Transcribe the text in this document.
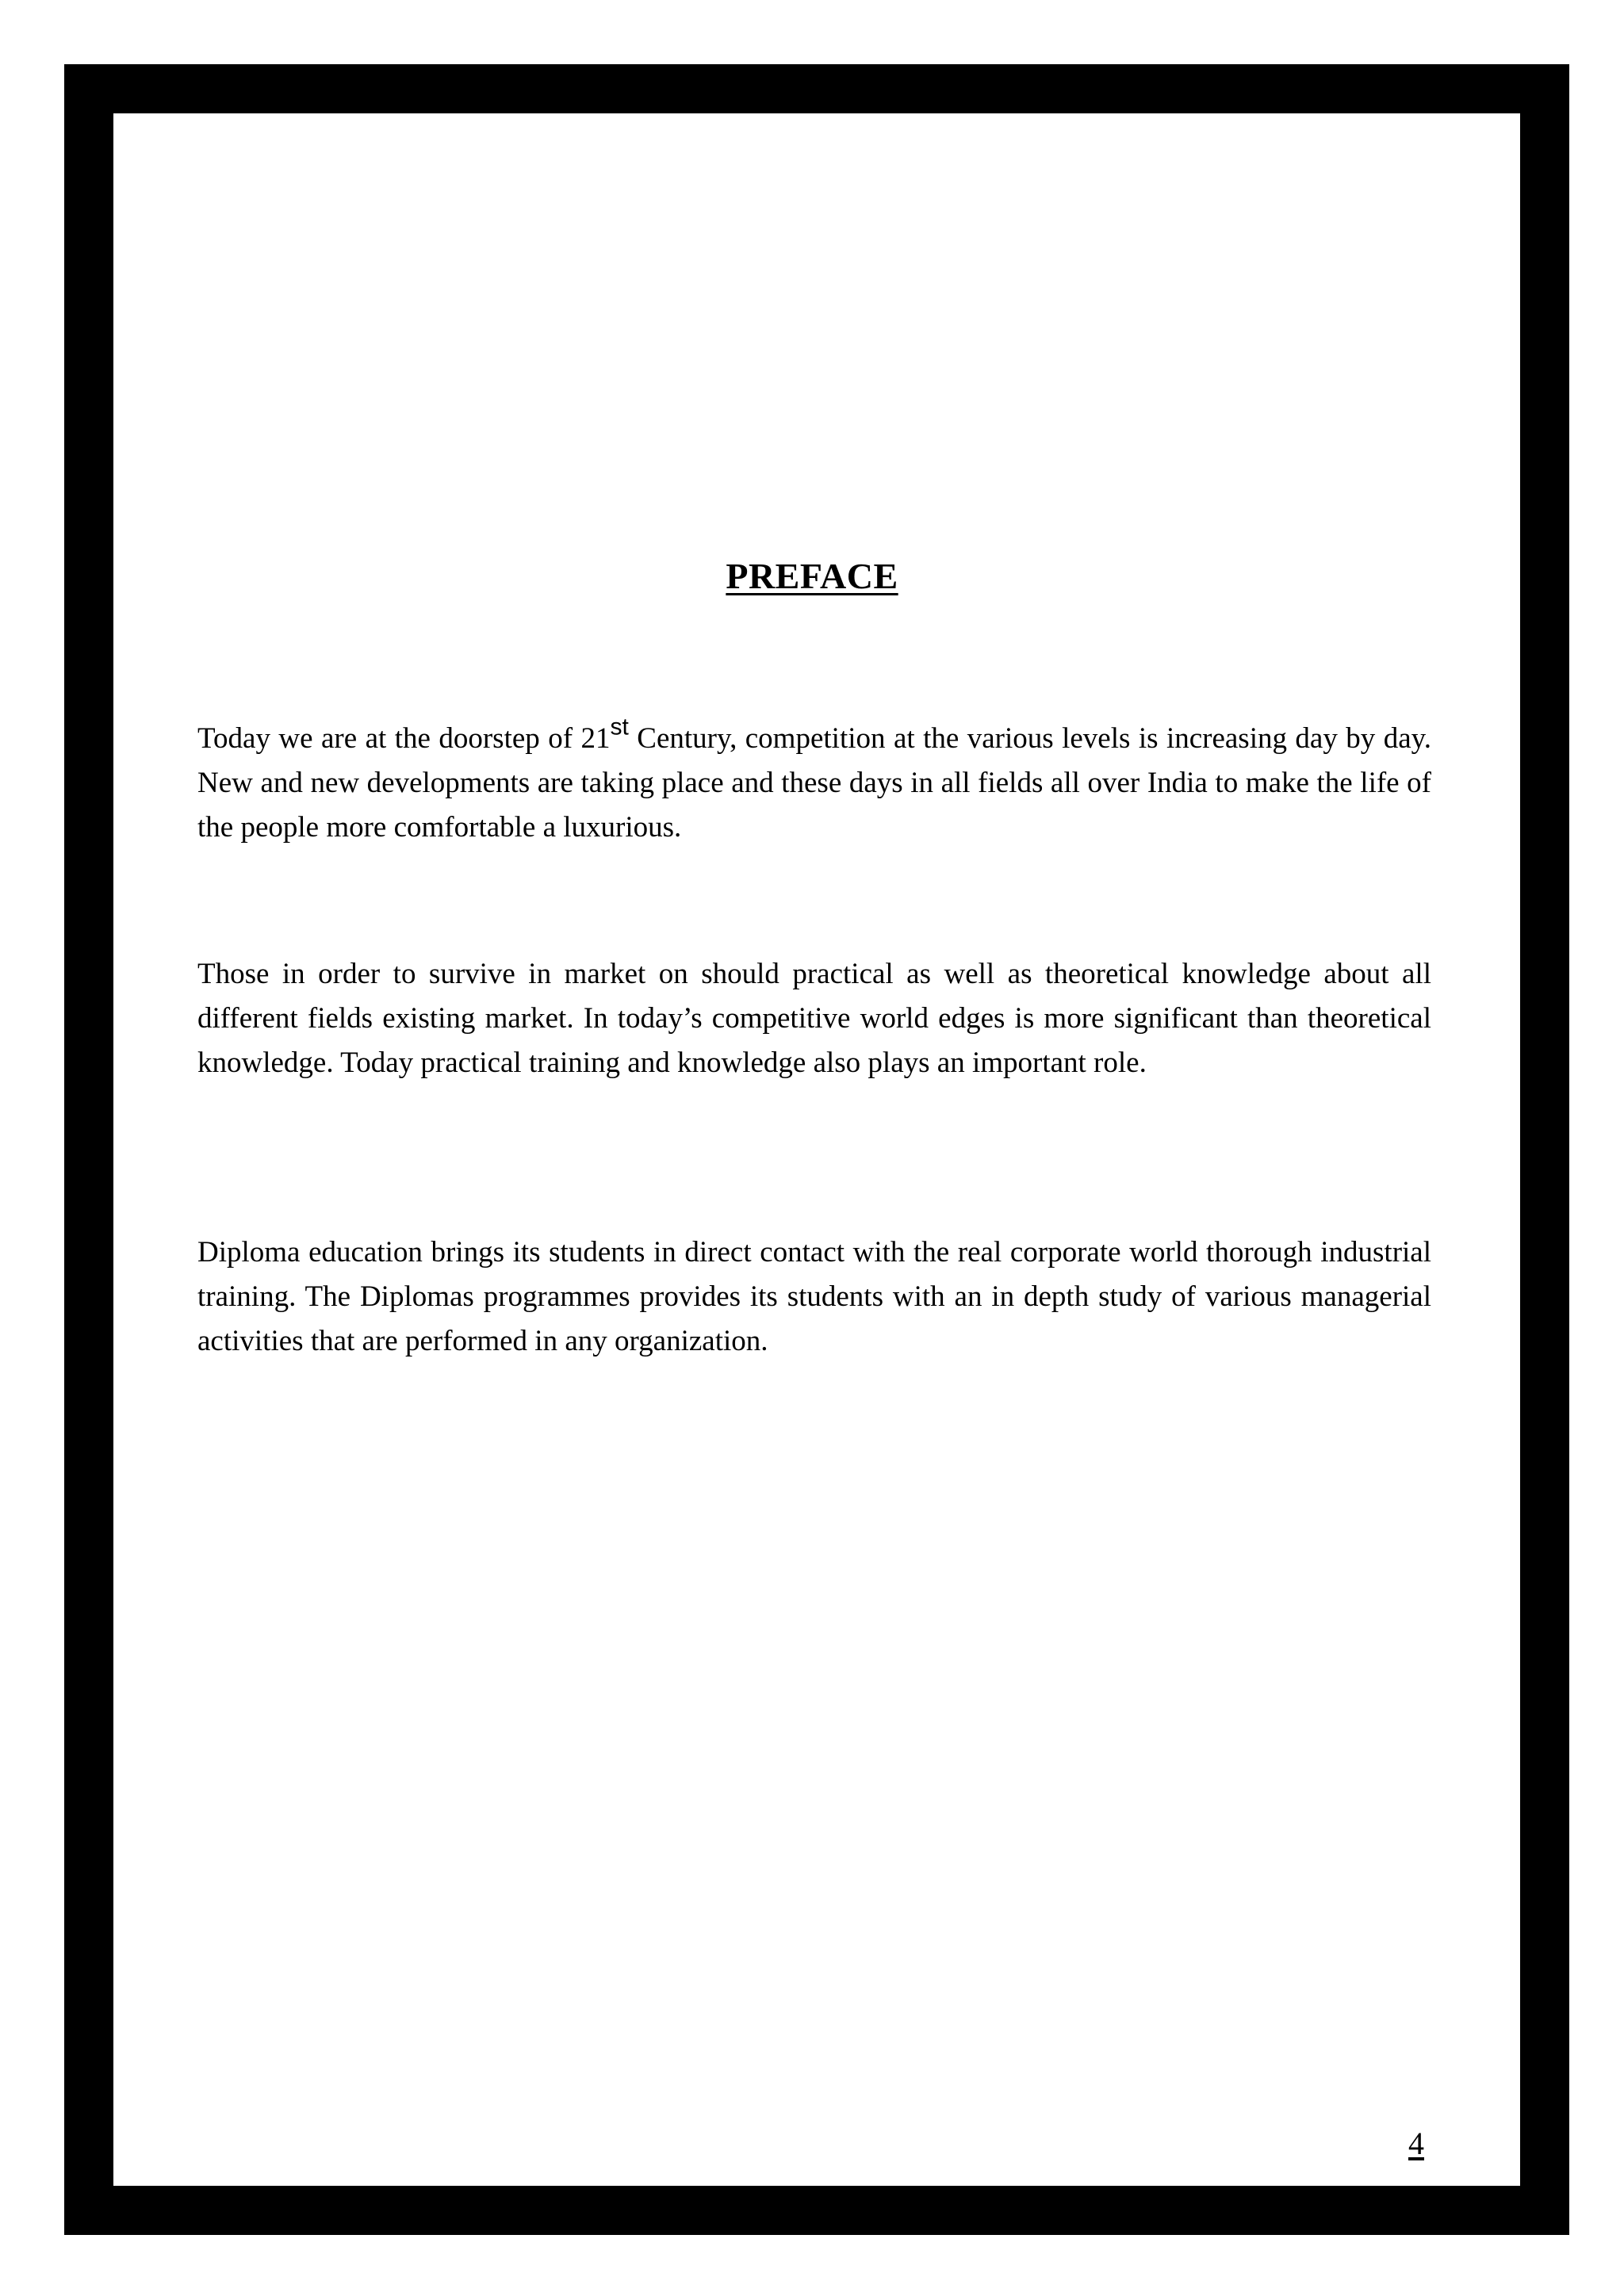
PREFACE

Today we are at the doorstep of 21st Century, competition at the various levels is increasing day by day. New and new developments are taking place and these days in all fields all over India to make the life of the people more comfortable a luxurious.

Those in order to survive in market on should practical as well as theoretical knowledge about all different fields existing market. In today’s competitive world edges is more significant than theoretical knowledge. Today practical training and knowledge also plays an important role.

Diploma education brings its students in direct contact with the real corporate world thorough industrial training. The Diplomas programmes provides its students with an in depth study of various managerial activities that are performed in any organization.

4
